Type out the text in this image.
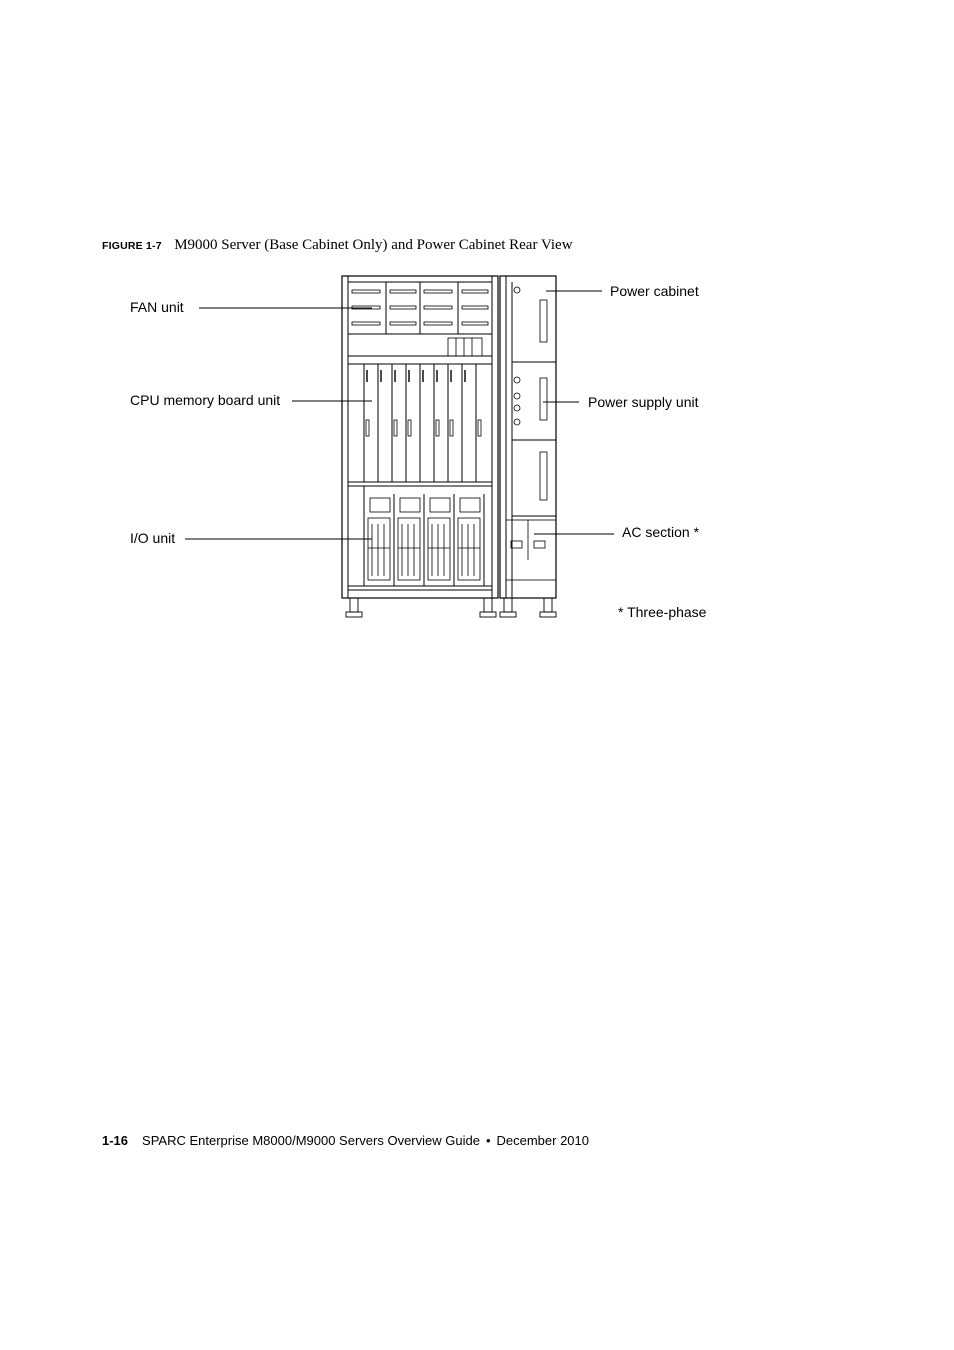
FIGURE 1-7 M9000 Server (Base Cabinet Only) and Power Cabinet Rear View
FAN unit
CPU memory board unit
I/O unit
Power cabinet
Power supply unit
AC section *
* Three-phase
1-16 SPARC Enterprise M8000/M9000 Servers Overview Guide • December 2010
